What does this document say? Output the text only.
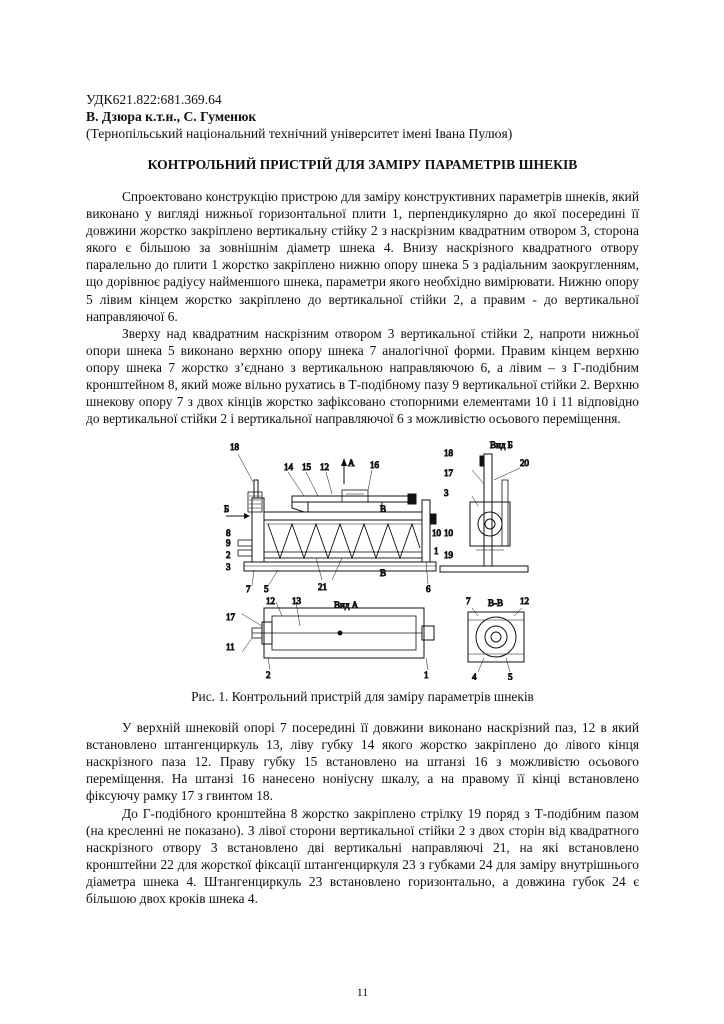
УДК621.822:681.369.64
В. Дзюра к.т.н., С. Гуменюк
(Тернопільський національний технічний університет імені Івана Пулюя)
КОНТРОЛЬНИЙ ПРИСТРІЙ ДЛЯ ЗАМІРУ ПАРАМЕТРІВ ШНЕКІВ

Спроектовано конструкцію пристрою для заміру конструктивних параметрів шнеків, який виконано у вигляді нижньої горизонтальної плити 1, перпендикулярно до якої посередині її довжини жорстко закріплено вертикальну стійку 2 з наскрізним квадратним отвором 3, сторона якого є більшою за зовнішнім діаметр шнека 4. Внизу наскрізного квадратного отвору паралельно до плити 1 жорстко закріплено нижню опору шнека 5 з радіальним заокругленням, що дорівнює радіусу найменшого шнека, параметри якого необхідно вимірювати. Нижню опору 5 лівим кінцем жорстко закріплено до вертикальної стійки 2, а правим - до вертикальної направляючої 6.

Зверху над квадратним наскрізним отвором 3 вертикальної стійки 2, напроти нижньої опори шнека 5 виконано верхню опору шнека 7 аналогічної форми. Правим кінцем верхню опору шнека 7 жорстко з’єднано з вертикальною направляючою 6, а лівим – з Г-подібним кронштейном 8, який може вільно рухатись в Т-подібному пазу 9 вертикальної стійки 2. Верхню шнекову опору 7 з двох кінців жорстко зафіксовано стопорними елементами 10 і 11 відповідно до вертикальної стійки 2 і вертикальної направляючої 6 з можливістю осьового переміщення.

18
14 15 12 А 16
Б
8
9
2
3
10
1
В
В
7 5	21	6
Вид Б
18
17
3
20
10
19
Вид А
12 13
17
11
2	1
В-В
7	12
4	5
Рис. 1. Контрольний пристрій для заміру параметрів шнеків

У верхній шнековій опорі 7 посередині її довжини виконано наскрізний паз, 12 в який встановлено штангенциркуль 13, ліву губку 14 якого жорстко закріплено до лівого кінця наскрізного паза 12. Праву губку 15 встановлено на штанзі 16 з можливістю осьового переміщення. На штанзі 16 нанесено ноніусну шкалу, а на правому її кінці встановлено фіксуючу рамку 17 з гвинтом 18.

До Г-подібного кронштейна 8 жорстко закріплено стрілку 19 поряд з Т-подібним пазом (на кресленні не показано). З лівої сторони вертикальної стійки 2 з двох сторін від квадратного наскрізного отвору 3 встановлено дві вертикальні направляючі 21, на які встановлено кронштейни 22 для жорсткої фіксації штангенциркуля 23 з губками 24 для заміру внутрішнього діаметра шнека 4. Штангенциркуль 23 встановлено горизонтально, а довжина губок 24 є більшою двох кроків шнека 4.

11
